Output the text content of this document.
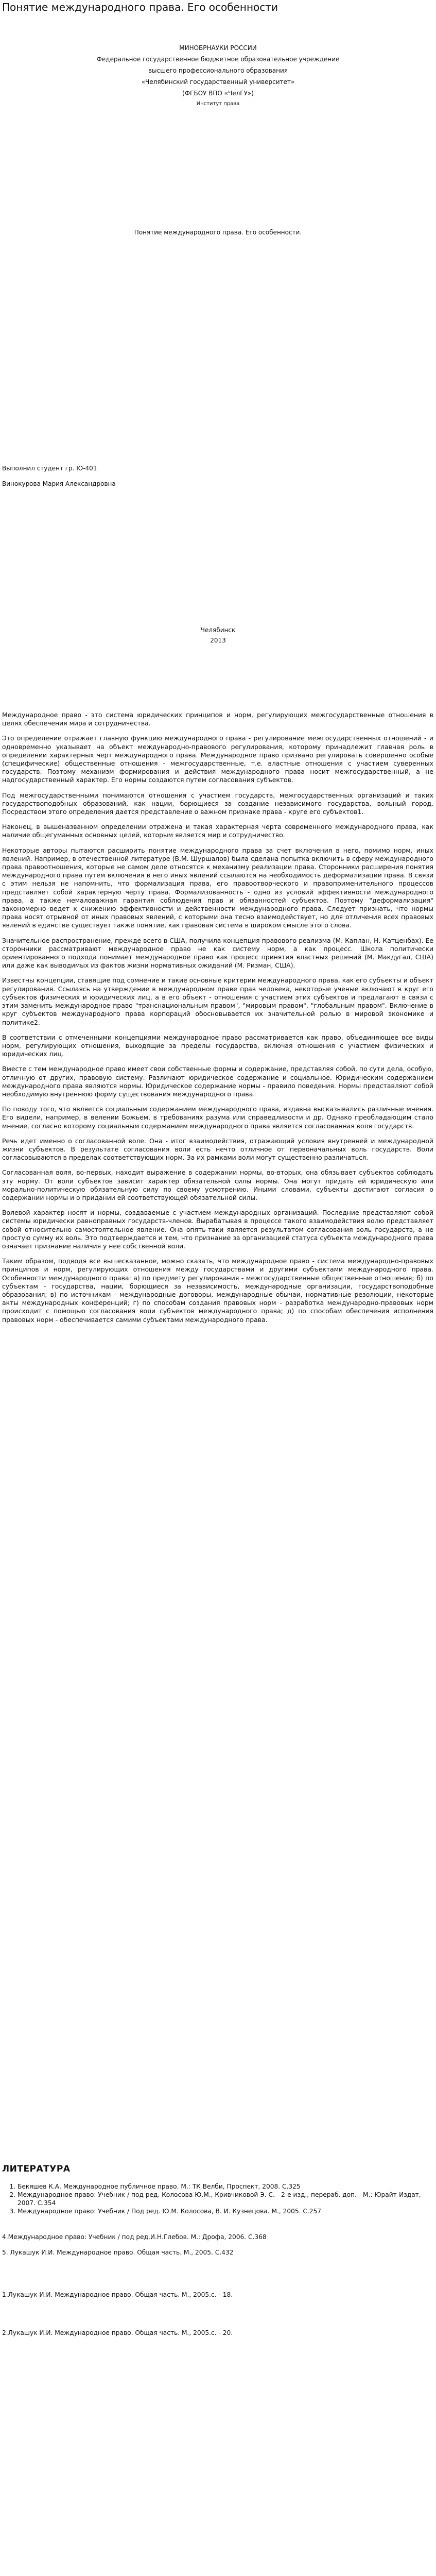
Понятие международного права. Его особенности
МИНОБРНАУКИ РОССИИ
Федеральное государственное бюджетное образовательное учреждение
высшего профессионального образования
«Челябинский государственный университет»
(ФГБОУ ВПО «ЧелГУ»)
Институт права
Понятие международного права. Его особенности.
Выполнил студент гр. Ю-401
Винокурова Мария Александровна
Челябинск
2013

Международное право - это система юридических принципов и норм, регулирующих межгосударственные отношения в целях обеспечения мира и сотрудничества.

Это определение отражает главную функцию международного права - регулирование межгосударственных отношений - и одновременно указывает на объект международно-правового регулирования, которому принадлежит главная роль в определении характерных черт международного права. Международное право призвано регулировать совершенно особые (специфические) общественные отношения - межгосударственные, т.е. властные отношения с участием суверенных государств. Поэтому механизм формирования и действия международного права носит межгосударственный, а не надгосударственный характер. Его нормы создаются путем согласования субъектов.

Под межгосударственными понимаются отношения с участием государств, межгосударственных организаций и таких государствоподобных образований, как нации, борющиеся за создание независимого государства, вольный город. Посредством этого определения дается представление о важном признаке права - круге его субъектов1.

Наконец, в вышеназванном определении отражена и такая характерная черта современного международного права, как наличие общегуманных основных целей, которым является мир и сотрудничество.

Некоторые авторы пытаются расширить понятие международного права за счет включения в него, помимо норм, иных явлений. Например, в отечественной литературе (В.М. Шуршалов) была сделана попытка включить в сферу международного права правоотношения, которые не самом деле относятся к механизму реализации права. Сторонники расширения понятия международного права путем включения в него иных явлений ссылаются на необходимость деформализации права. В связи с этим нельзя не напомнить, что формализация права, его правоотворческого и правоприменительного процессов представляет собой характерную черту права. Формализованность - одно из условий эффективности международного права, а также немаловажная гарантия соблюдения прав и обязанностей субъектов. Поэтому "деформализация" закономерно ведет к снижению эффективности и действенности международного права. Следует признать, что нормы права носят отрывной от иных правовых явлений, с которыми она тесно взаимодействует, но для отличения всех правовых явлений в единстве существует также понятие, как правовая система в широком смысле этого слова.

Значительное распространение, прежде всего в США, получила концепция правового реализма (М. Каплан, Н. Катценбах). Ее сторонники рассматривают международное право не как систему норм, а как процесс. Школа политически ориентированного подхода понимает международное право как процесс принятия властных решений (М. Макдугал, США) или даже как выводимых из фактов жизни нормативных ожиданий (М. Ризман, США).

Известны концепции, ставящие под сомнение и такие основные критерии международного права, как его субъекты и объект регулирования. Ссылаясь на утверждение в международном праве прав человека, некоторые ученые включают в круг его субъектов физических и юридических лиц, а в его объект - отношения с участием этих субъектов и предлагают в связи с этим заменить международное право "транснациональным правом", "мировым правом", "глобальным правом". Включение в круг субъектов международного права корпораций обосновывается их значительной ролью в мировой экономике и политике2.

В соответствии с отмеченными концепциями международное право рассматривается как право, объединяющее все виды норм, регулирующих отношения, выходящие за пределы государства, включая отношения с участием физических и юридических лиц.

Вместе с тем международное право имеет свои собственные формы и содержание, представляя собой, по сути дела, особую, отличную от других, правовую систему. Различают юридическое содержание и социальное. Юридическим содержанием международного права являются нормы. Юридическое содержание нормы - правило поведения. Нормы представляют собой необходимую внутреннюю форму существования международного права.

По поводу того, что является социальным содержанием международного права, издавна высказывались различные мнения. Его видели, например, в велении Божьем, в требованиях разума или справедливости и др. Однако преобладающим стало мнение, согласно которому социальным содержанием международного права является согласованная воля государств.

Речь идет именно о согласованной воле. Она - итог взаимодействия, отражающий условия внутренней и международной жизни субъектов. В результате согласования воли есть нечто отличное от первоначальных воль государств. Воли согласовываются в пределах соответствующих норм. За их рамками воли могут существенно различаться.

Согласованная воля, во-первых, находит выражение в содержании нормы, во-вторых, она обязывает субъектов соблюдать эту норму. От воли субъектов зависит характер обязательной силы нормы. Она могут придать ей юридическую или морально-политическую обязательную силу по своему усмотрению. Иными словами, субъекты достигают согласия о содержании нормы и о придании ей соответствующей обязательной силы.

Волевой характер носят и нормы, создаваемые с участием международных организаций. Последние представляют собой системы юридически равноправных государств-членов. Вырабатывая в процессе такого взаимодействия волю представляет собой относительно самостоятельное явление. Она опять-таки является результатом согласования воль государств, а не простую сумму их воль. Это подтверждается и тем, что признание за организацией статуса субъекта международного права означает признание наличия у нее собственной воли.

Таким образом, подводя все вышесказанное, можно сказать, что международное право - система международно-правовых принципов и норм, регулирующих отношения между государствами и другими субъектами международного права. Особенности международного права: а) по предмету регулирования - межгосударственные общественные отношения; б) по субъектам - государства, нации, борющиеся за независимость, международные организации, государствоподобные образования; в) по источникам - международные договоры, международные обычаи, нормативные резолюции, некоторые акты международных конференций; г) по способам создания правовых норм - разработка международно-правовых норм происходит с помощью согласования воли субъектов международного права; д) по способам обеспечения исполнения правовых норм - обеспечивается самими субъектами международного права.

ЛИТЕРАТУРА
1. Бекяшев К.А. Международное публичное право. М.: ТК Велби, Проспект, 2008. С.325
2. Международное право: Учебник / под ред. Колосова Ю.М., Кривчиковой Э. С. - 2-е изд., перераб. доп. - М.: Юрайт-Издат, 2007. С.354
3. Международное право: Учебник / Под ред. Ю.М. Колосова, В. И. Кузнецова. М., 2005. С.257
4.Международное право: Учебник / под ред.И.Н.Глебов. М.: Дрофа, 2006. С.368
5. Лукашук И.И. Международное право. Общая часть. М., 2005. С.432
1.Лукашук И.И. Международное право. Общая часть. М., 2005.с. - 18.
2.Лукашук И.И. Международное право. Общая часть. М., 2005.с. - 20.
